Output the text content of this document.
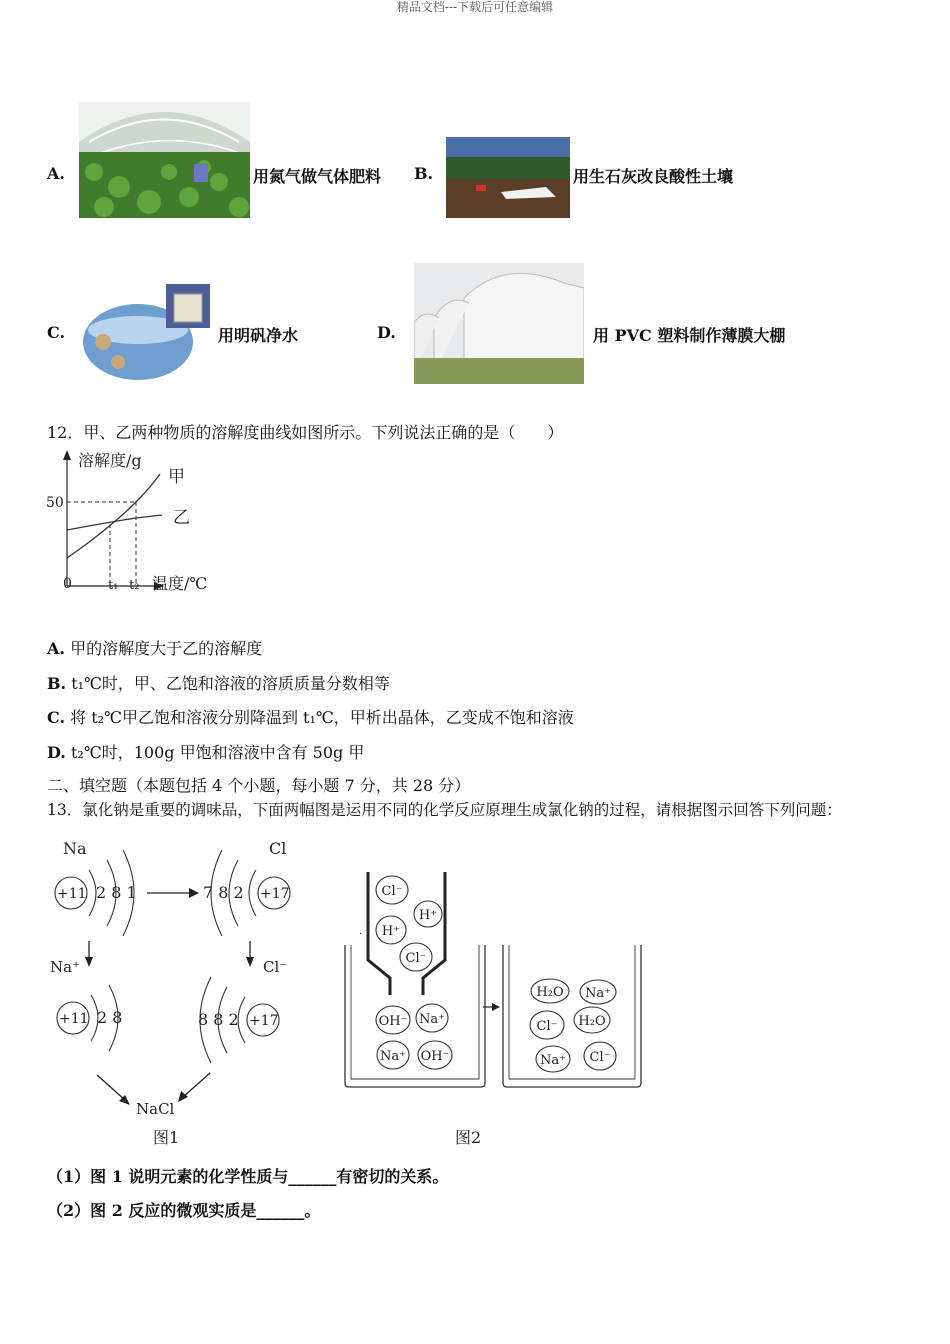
精品文档---下载后可任意编辑
A.	用氮气做气体肥料 B.	用生石灰改良酸性土壤
C.	用明矾净水	D.	用 PVC 塑料制作薄膜大棚
12．甲、乙两种物质的溶解度曲线如图所示。下列说法正确的是（　　）
溶解度/g
温度/℃
0
50
t₁ t₂
甲
乙
A. 甲的溶解度大于乙的溶解度
B. t₁℃时，甲、乙饱和溶液的溶质质量分数相等
C. 将 t₂℃甲乙饱和溶液分别降温到 t₁℃，甲析出晶体，乙变成不饱和溶液
D. t₂℃时，100g 甲饱和溶液中含有 50g 甲
二、填空题（本题包括 4 个小题，每小题 7 分，共 28 分）
13．氯化钠是重要的调味品，下面两幅图是运用不同的化学反应原理生成氯化钠的过程，请根据图示回答下列问题：
Na	Cl
+11	+17
2 8 1	7 8 2
Na⁺	Cl⁻
+11	+17
2 8	8 8 2
NaCl
图1
·
Cl⁻
H⁺
H⁺
Cl⁻
OH⁻ Na⁺
Na⁺ OH⁻
H₂O Na⁺
Cl⁻ H₂O
Na⁺ Cl⁻
图2
（1）图 1 说明元素的化学性质与______有密切的关系。
（2）图 2 反应的微观实质是______。
